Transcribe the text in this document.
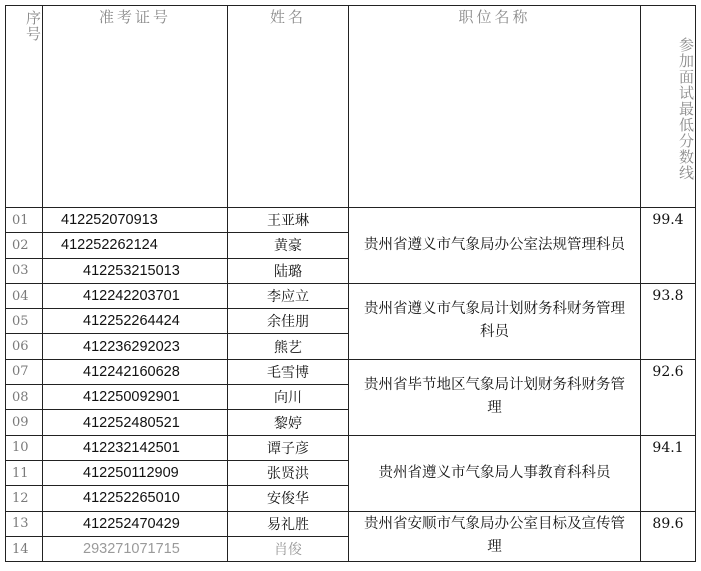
序号	准考证号	姓名	职位名称	参加面试最低分数线
01	412252070913	王亚琳	贵州省遵义市气象局办公室法规管理科员	99.4
02	412252262124	黄豪		
03	412253215013	陆璐		
04	412242203701	李应立	贵州省遵义市气象局计划财务科财务管理科员	93.8
05	412252264424	余佳朋		
06	412236292023	熊艺		
07	412242160628	毛雪博	贵州省毕节地区气象局计划财务科财务管理	92.6
08	412250092901	向川		
09	412252480521	黎婷		
10	412232142501	谭子彦	贵州省遵义市气象局人事教育科科员	94.1
11	412250112909	张贤洪		
12	412252265010	安俊华		
13	412252470429	易礼胜	贵州省安顺市气象局办公室目标及宣传管理	89.6
14	293271071715	肖俊		
